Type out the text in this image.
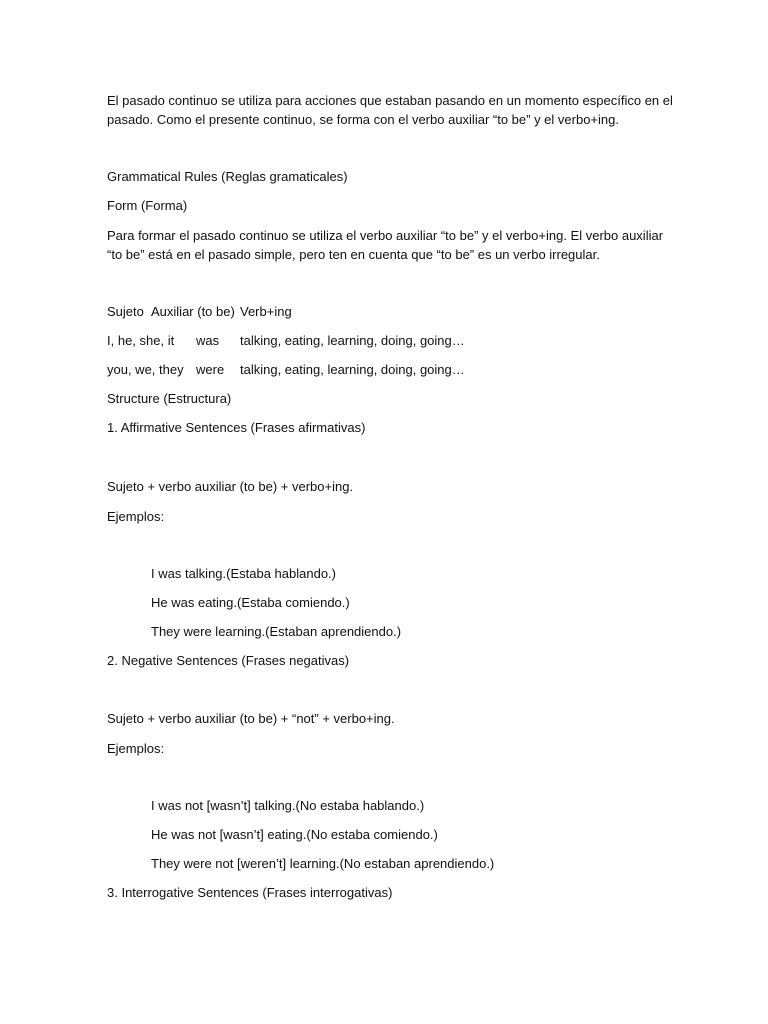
El pasado continuo se utiliza para acciones que estaban pasando en un momento específico en el
pasado. Como el presente continuo, se forma con el verbo auxiliar “to be” y el verbo+ing.
Grammatical Rules (Reglas gramaticales)
Form (Forma)
Para formar el pasado continuo se utiliza el verbo auxiliar “to be” y el verbo+ing. El verbo auxiliar
“to be” está en el pasado simple, pero ten en cuenta que “to be” es un verbo irregular.
Sujeto Auxiliar (to be) Verb+ing
I, he, she, it was talking, eating, learning, doing, going…
you, we, they were talking, eating, learning, doing, going…
Structure (Estructura)
1. Affirmative Sentences (Frases afirmativas)
Sujeto + verbo auxiliar (to be) + verbo+ing.
Ejemplos:
I was talking.(Estaba hablando.)
He was eating.(Estaba comiendo.)
They were learning.(Estaban aprendiendo.)
2. Negative Sentences (Frases negativas)
Sujeto + verbo auxiliar (to be) + “not” + verbo+ing.
Ejemplos:
I was not [wasn’t] talking.(No estaba hablando.)
He was not [wasn’t] eating.(No estaba comiendo.)
They were not [weren’t] learning.(No estaban aprendiendo.)
3. Interrogative Sentences (Frases interrogativas)
